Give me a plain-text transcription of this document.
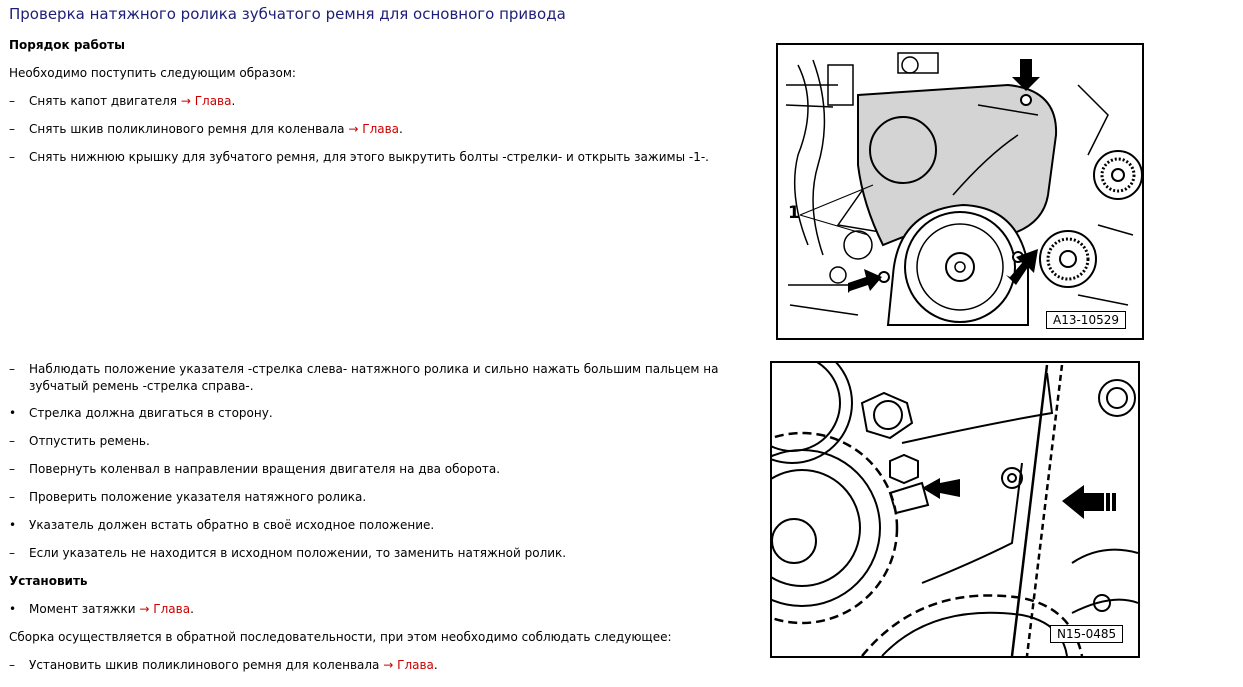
Проверка натяжного ролика зубчатого ремня для основного привода
Порядок работы
Необходимо поступить следующим образом:
–	Снять капот двигателя → Глава.
–	Снять шкив поликлинового ремня для коленвала → Глава.
–	Снять нижнюю крышку для зубчатого ремня, для этого выкрутить болты -стрелки- и открыть зажимы -1-.
–	Наблюдать положение указателя -стрелка слева- натяжного ролика и сильно нажать большим пальцем на зубчатый ремень -стрелка справа-.
•	Стрелка должна двигаться в сторону.
–	Отпустить ремень.
–	Повернуть коленвал в направлении вращения двигателя на два оборота.
–	Проверить положение указателя натяжного ролика.
•	Указатель должен встать обратно в своё исходное положение.
–	Если указатель не находится в исходном положении, то заменить натяжной ролик.
Установить
•	Момент затяжки → Глава.
Сборка осуществляется в обратной последовательности, при этом необходимо соблюдать следующее:
–	Установить шкив поликлинового ремня для коленвала → Глава.
1
A13-10529
N15-0485
